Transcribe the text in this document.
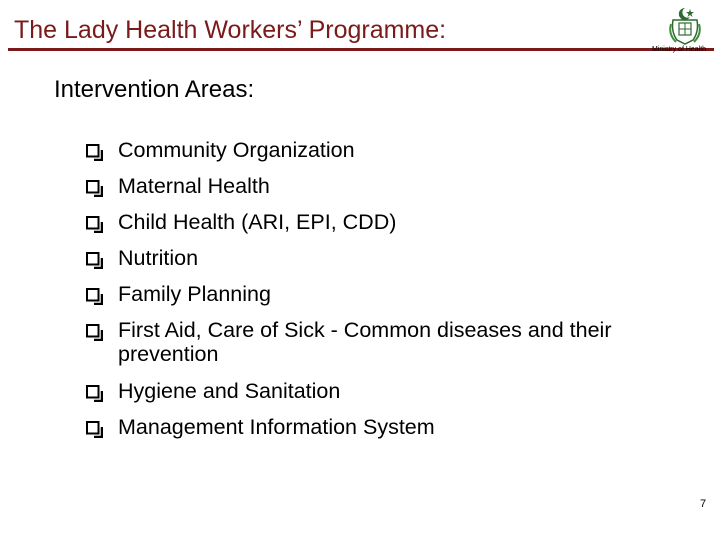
The Lady Health Workers’ Programme:
Ministry of Health
Intervention Areas:
Community Organization
Maternal Health
Child Health (ARI, EPI, CDD)
Nutrition
Family Planning
First Aid, Care of Sick - Common diseases and their prevention
Hygiene and Sanitation
Management Information System
7
